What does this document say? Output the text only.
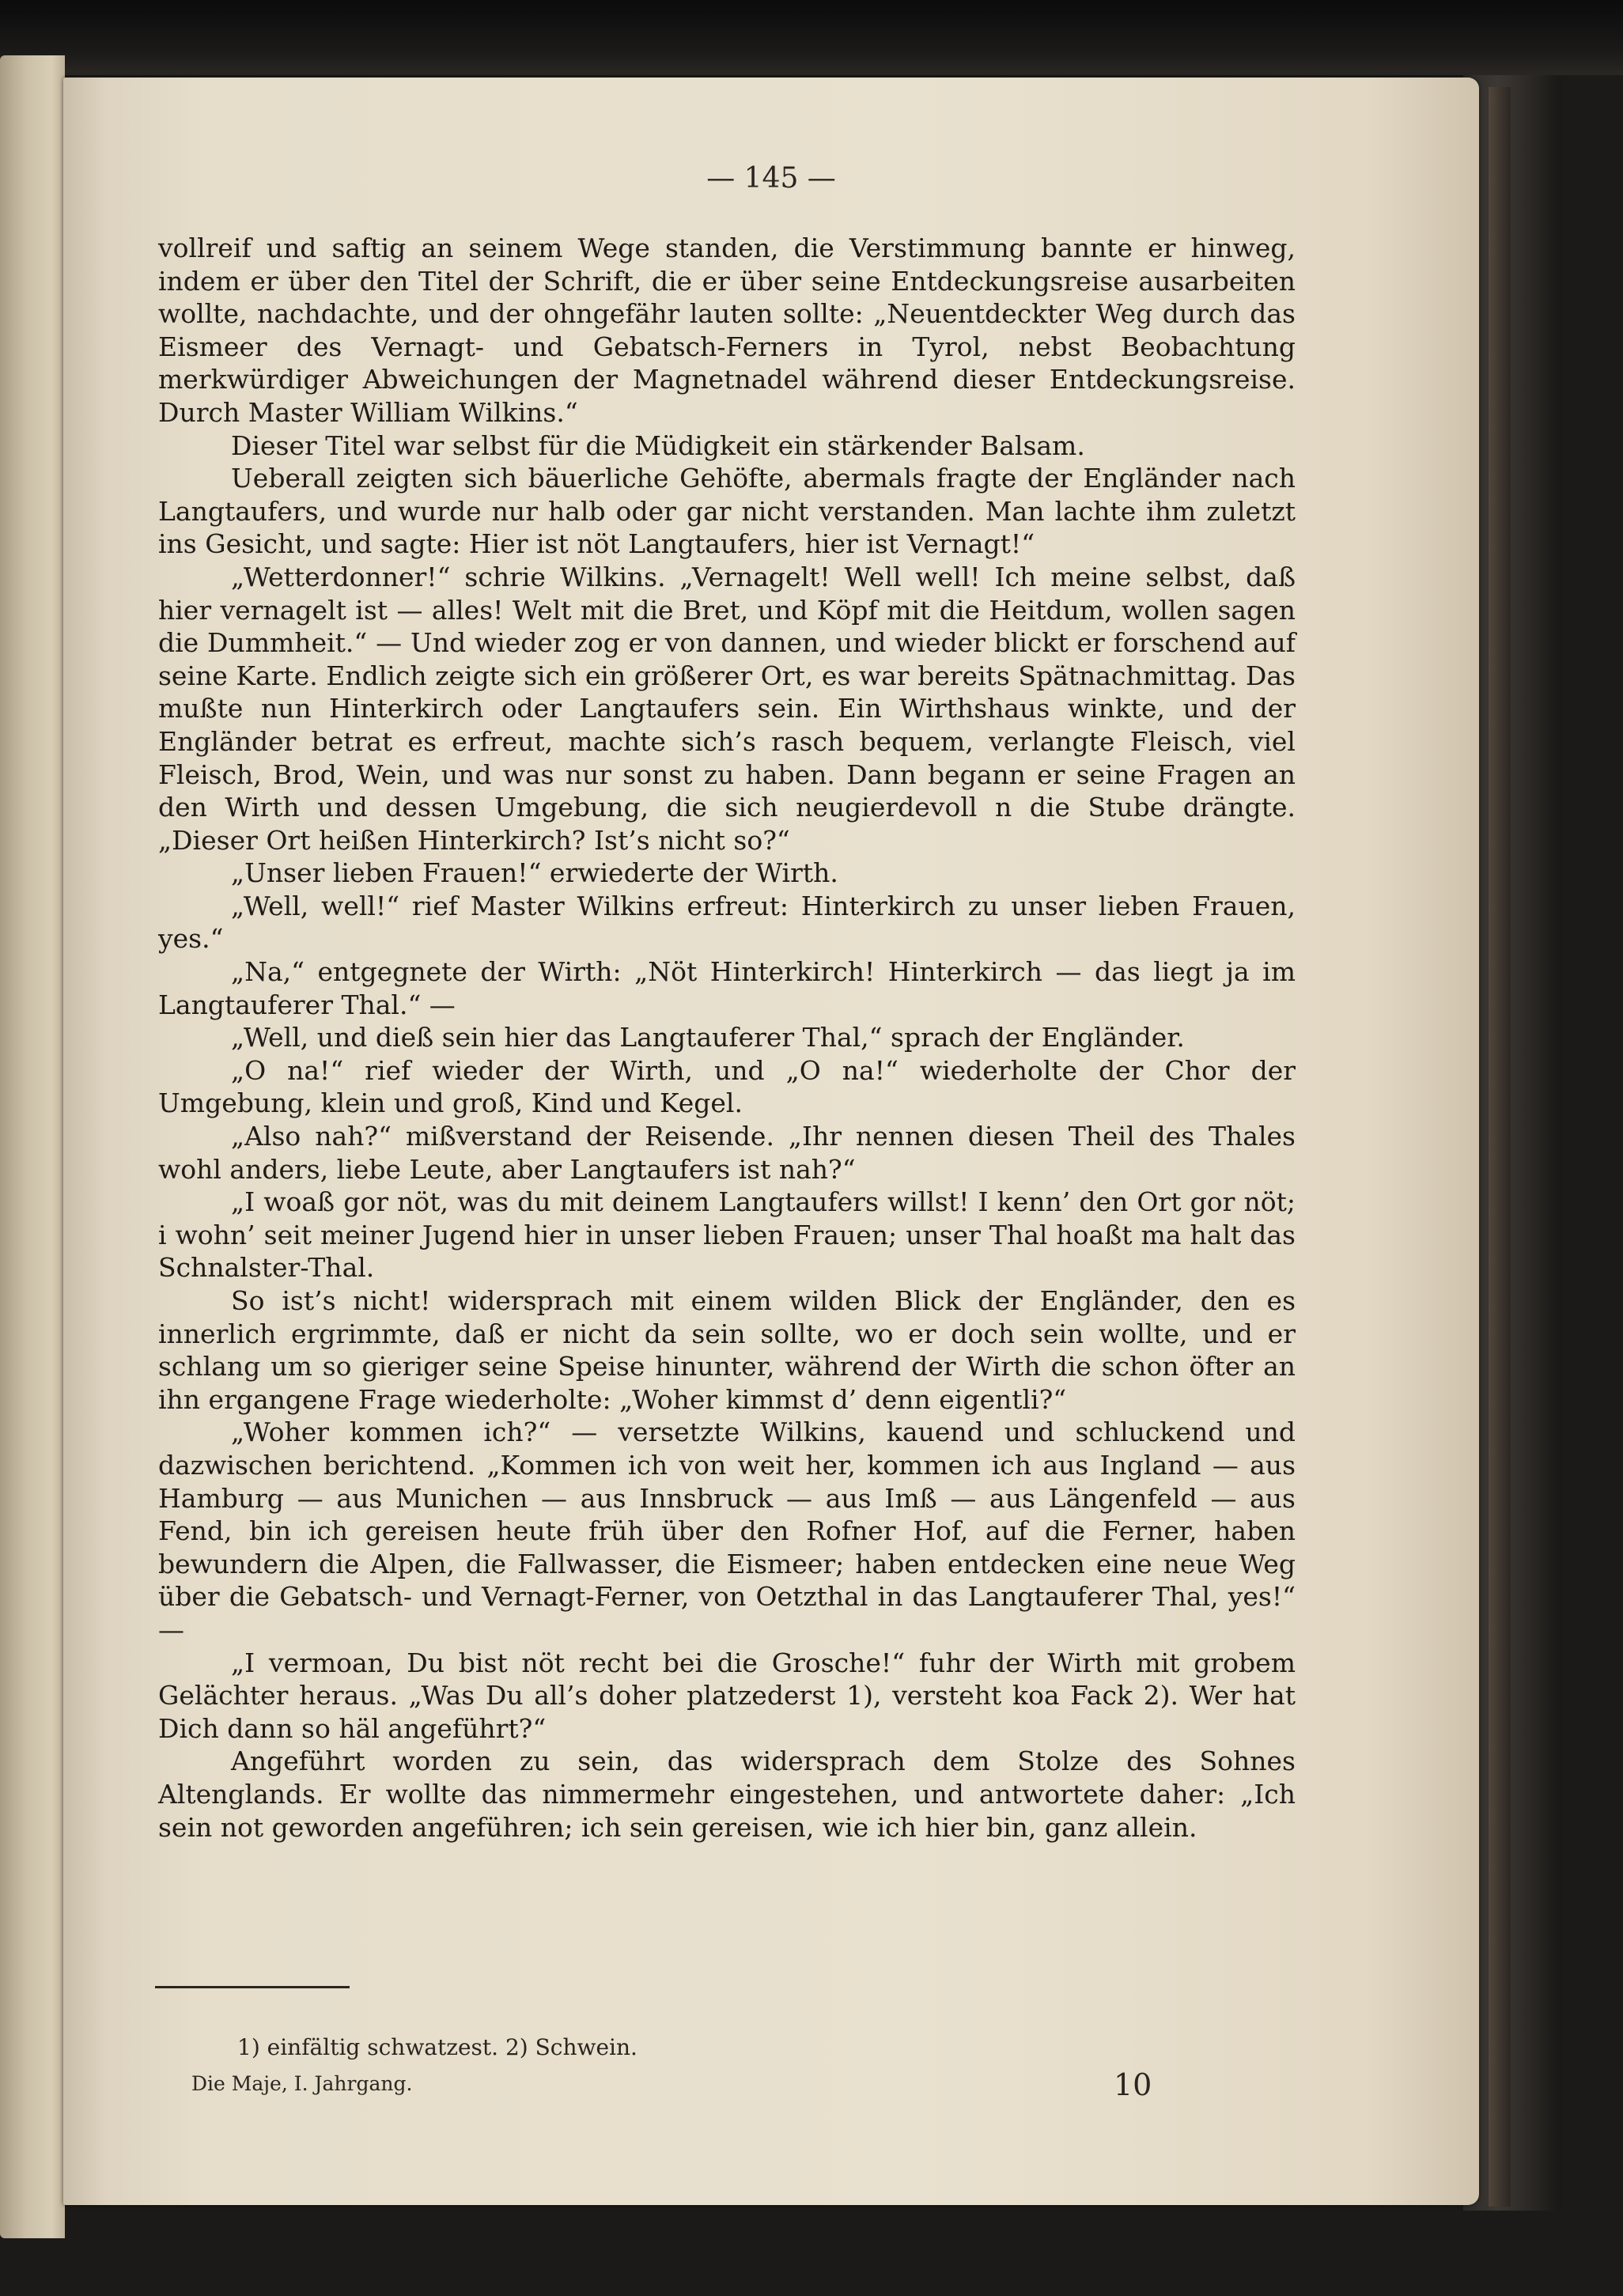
— 145 —

vollreif und saftig an seinem Wege standen, die Verstimmung bannte er hinweg, indem er über den Titel der Schrift, die er über seine Entdeckungsreise ausarbeiten wollte, nachdachte, und der ohngefähr lauten sollte: „Neuentdeckter Weg durch das Eismeer des Vernagt- und Gebatsch-Ferners in Tyrol, nebst Beobachtung merkwürdiger Abweichungen der Magnetnadel während dieser Entdeckungsreise. Durch Master William Wilkins.“

Dieser Titel war selbst für die Müdigkeit ein stärkender Balsam.

Ueberall zeigten sich bäuerliche Gehöfte, abermals fragte der Engländer nach Langtaufers, und wurde nur halb oder gar nicht verstanden. Man lachte ihm zuletzt ins Gesicht, und sagte: Hier ist nöt Langtaufers, hier ist Vernagt!“

„Wetterdonner!“ schrie Wilkins. „Vernagelt! Well well! Ich meine selbst, daß hier vernagelt ist — alles! Welt mit die Bret, und Köpf mit die Heitdum, wollen sagen die Dummheit.“ — Und wieder zog er von dannen, und wieder blickt er forschend auf seine Karte. Endlich zeigte sich ein größerer Ort, es war bereits Spätnachmittag. Das mußte nun Hinterkirch oder Langtaufers sein. Ein Wirthshaus winkte, und der Engländer betrat es erfreut, machte sich’s rasch bequem, verlangte Fleisch, viel Fleisch, Brod, Wein, und was nur sonst zu haben. Dann begann er seine Fragen an den Wirth und dessen Umgebung, die sich neugierdevoll n die Stube drängte. „Dieser Ort heißen Hinterkirch? Ist’s nicht so?“

„Unser lieben Frauen!“ erwiederte der Wirth.

„Well, well!“ rief Master Wilkins erfreut: Hinterkirch zu unser lieben Frauen, yes.“

„Na,“ entgegnete der Wirth: „Nöt Hinterkirch! Hinterkirch — das liegt ja im Langtauferer Thal.“ —

„Well, und dieß sein hier das Langtauferer Thal,“ sprach der Engländer.

„O na!“ rief wieder der Wirth, und „O na!“ wiederholte der Chor der Umgebung, klein und groß, Kind und Kegel.

„Also nah?“ mißverstand der Reisende. „Ihr nennen diesen Theil des Thales wohl anders, liebe Leute, aber Langtaufers ist nah?“

„I woaß gor nöt, was du mit deinem Langtaufers willst! I kenn’ den Ort gor nöt; i wohn’ seit meiner Jugend hier in unser lieben Frauen; unser Thal hoaßt ma halt das Schnalster-Thal.

So ist’s nicht! widersprach mit einem wilden Blick der Engländer, den es innerlich ergrimmte, daß er nicht da sein sollte, wo er doch sein wollte, und er schlang um so gieriger seine Speise hinunter, während der Wirth die schon öfter an ihn ergangene Frage wiederholte: „Woher kimmst d’ denn eigentli?“

„Woher kommen ich?“ — versetzte Wilkins, kauend und schluckend und dazwischen berichtend. „Kommen ich von weit her, kommen ich aus Ingland — aus Hamburg — aus Munichen — aus Innsbruck — aus Imß — aus Längenfeld — aus Fend, bin ich gereisen heute früh über den Rofner Hof, auf die Ferner, haben bewundern die Alpen, die Fallwasser, die Eismeer; haben entdecken eine neue Weg über die Gebatsch- und Vernagt-Ferner, von Oetzthal in das Langtauferer Thal, yes!“ —

„I vermoan, Du bist nöt recht bei die Grosche!“ fuhr der Wirth mit grobem Gelächter heraus. „Was Du all’s doher platzederst 1), versteht koa Fack 2). Wer hat Dich dann so häl angeführt?“

Angeführt worden zu sein, das widersprach dem Stolze des Sohnes Altenglands. Er wollte das nimmermehr eingestehen, und antwortete daher: „Ich sein not geworden angeführen; ich sein gereisen, wie ich hier bin, ganz allein.

1) einfältig schwatzest. 2) Schwein.
Die Maje, I. Jahrgang.	10
